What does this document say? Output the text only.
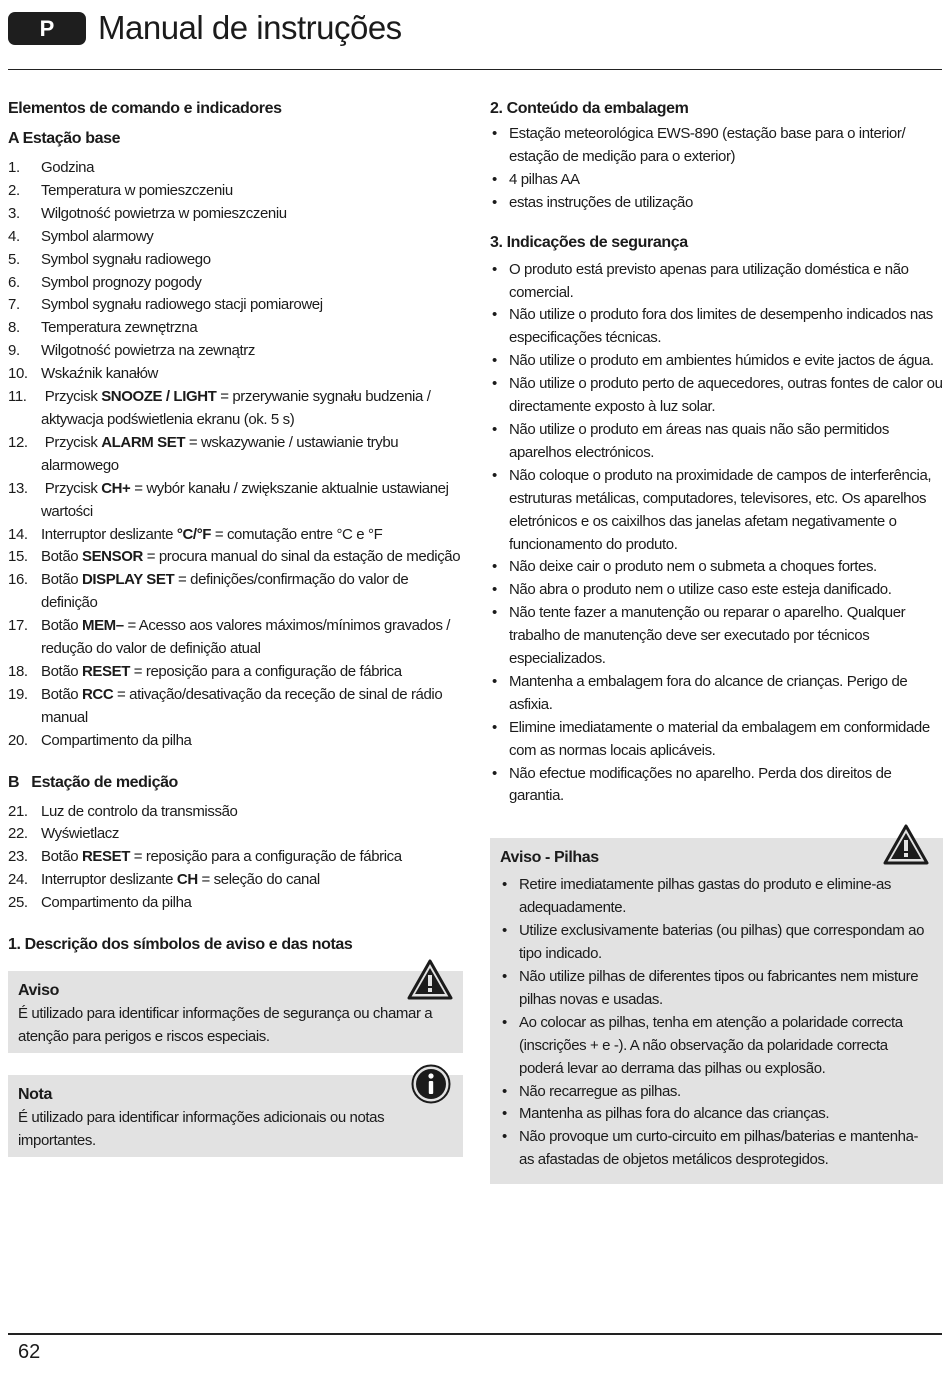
P	Manual de instruções
Elementos de comando e indicadores
A Estação base
1. Godzina
2. Temperatura w pomieszczeniu
3. Wilgotność powietrza w pomieszczeniu
4. Symbol alarmowy
5. Symbol sygnału radiowego
6. Symbol prognozy pogody
7. Symbol sygnału radiowego stacji pomiarowej
8. Temperatura zewnętrzna
9. Wilgotność powietrza na zewnątrz
10. Wskaźnik kanałów
11. Przycisk SNOOZE / LIGHT = przerywanie sygnału budzenia / aktywacja podświetlenia ekranu (ok. 5 s)
12. Przycisk ALARM SET = wskazywanie / ustawianie trybu alarmowego
13. Przycisk CH+ = wybór kanału / zwiększanie aktualnie ustawianej wartości
14. Interruptor deslizante °C/°F = comutação entre °C e °F
15. Botão SENSOR = procura manual do sinal da estação de medição
16. Botão DISPLAY SET = definições/confirmação do valor de definição
17. Botão MEM– = Acesso aos valores máximos/mínimos gravados / redução do valor de definição atual
18. Botão RESET = reposição para a configuração de fábrica
19. Botão RCC = ativação/desativação da receção de sinal de rádio manual
20. Compartimento da pilha
B   Estação de medição
21. Luz de controlo da transmissão
22. Wyświetlacz
23. Botão RESET = reposição para a configuração de fábrica
24. Interruptor deslizante CH = seleção do canal
25. Compartimento da pilha
1. Descrição dos símbolos de aviso e das notas
Aviso
É utilizado para identificar informações de segurança ou chamar a atenção para perigos e riscos especiais.
Nota
É utilizado para identificar informações adicionais ou notas importantes.
2. Conteúdo da embalagem
• Estação meteorológica EWS-890 (estação base para o interior/ estação de medição para o exterior)
• 4 pilhas AA
• estas instruções de utilização
3. Indicações de segurança
• O produto está previsto apenas para utilização doméstica e não comercial.
• Não utilize o produto fora dos limites de desempenho indicados nas especificações técnicas.
• Não utilize o produto em ambientes húmidos e evite jactos de água.
• Não utilize o produto perto de aquecedores, outras fontes de calor ou directamente exposto à luz solar.
• Não utilize o produto em áreas nas quais não são permitidos aparelhos electrónicos.
• Não coloque o produto na proximidade de campos de interferência, estruturas metálicas, computadores, televisores, etc. Os aparelhos eletrónicos e os caixilhos das janelas afetam negativamente o funcionamento do produto.
• Não deixe cair o produto nem o submeta a choques fortes.
• Não abra o produto nem o utilize caso este esteja danificado.
• Não tente fazer a manutenção ou reparar o aparelho. Qualquer trabalho de manutenção deve ser executado por técnicos especializados.
• Mantenha a embalagem fora do alcance de crianças. Perigo de asfixia.
• Elimine imediatamente o material da embalagem em conformidade com as normas locais aplicáveis.
• Não efectue modificações no aparelho. Perda dos direitos de garantia.
Aviso - Pilhas
• Retire imediatamente pilhas gastas do produto e elimine-as adequadamente.
• Utilize exclusivamente baterias (ou pilhas) que correspondam ao tipo indicado.
• Não utilize pilhas de diferentes tipos ou fabricantes nem misture pilhas novas e usadas.
• Ao colocar as pilhas, tenha em atenção a polaridade correcta (inscrições + e -). A não observação da polaridade correcta poderá levar ao derrama das pilhas ou explosão.
• Não recarregue as pilhas.
• Mantenha as pilhas fora do alcance das crianças.
• Não provoque um curto-circuito em pilhas/baterias e mantenha-as afastadas de objetos metálicos desprotegidos.
62
